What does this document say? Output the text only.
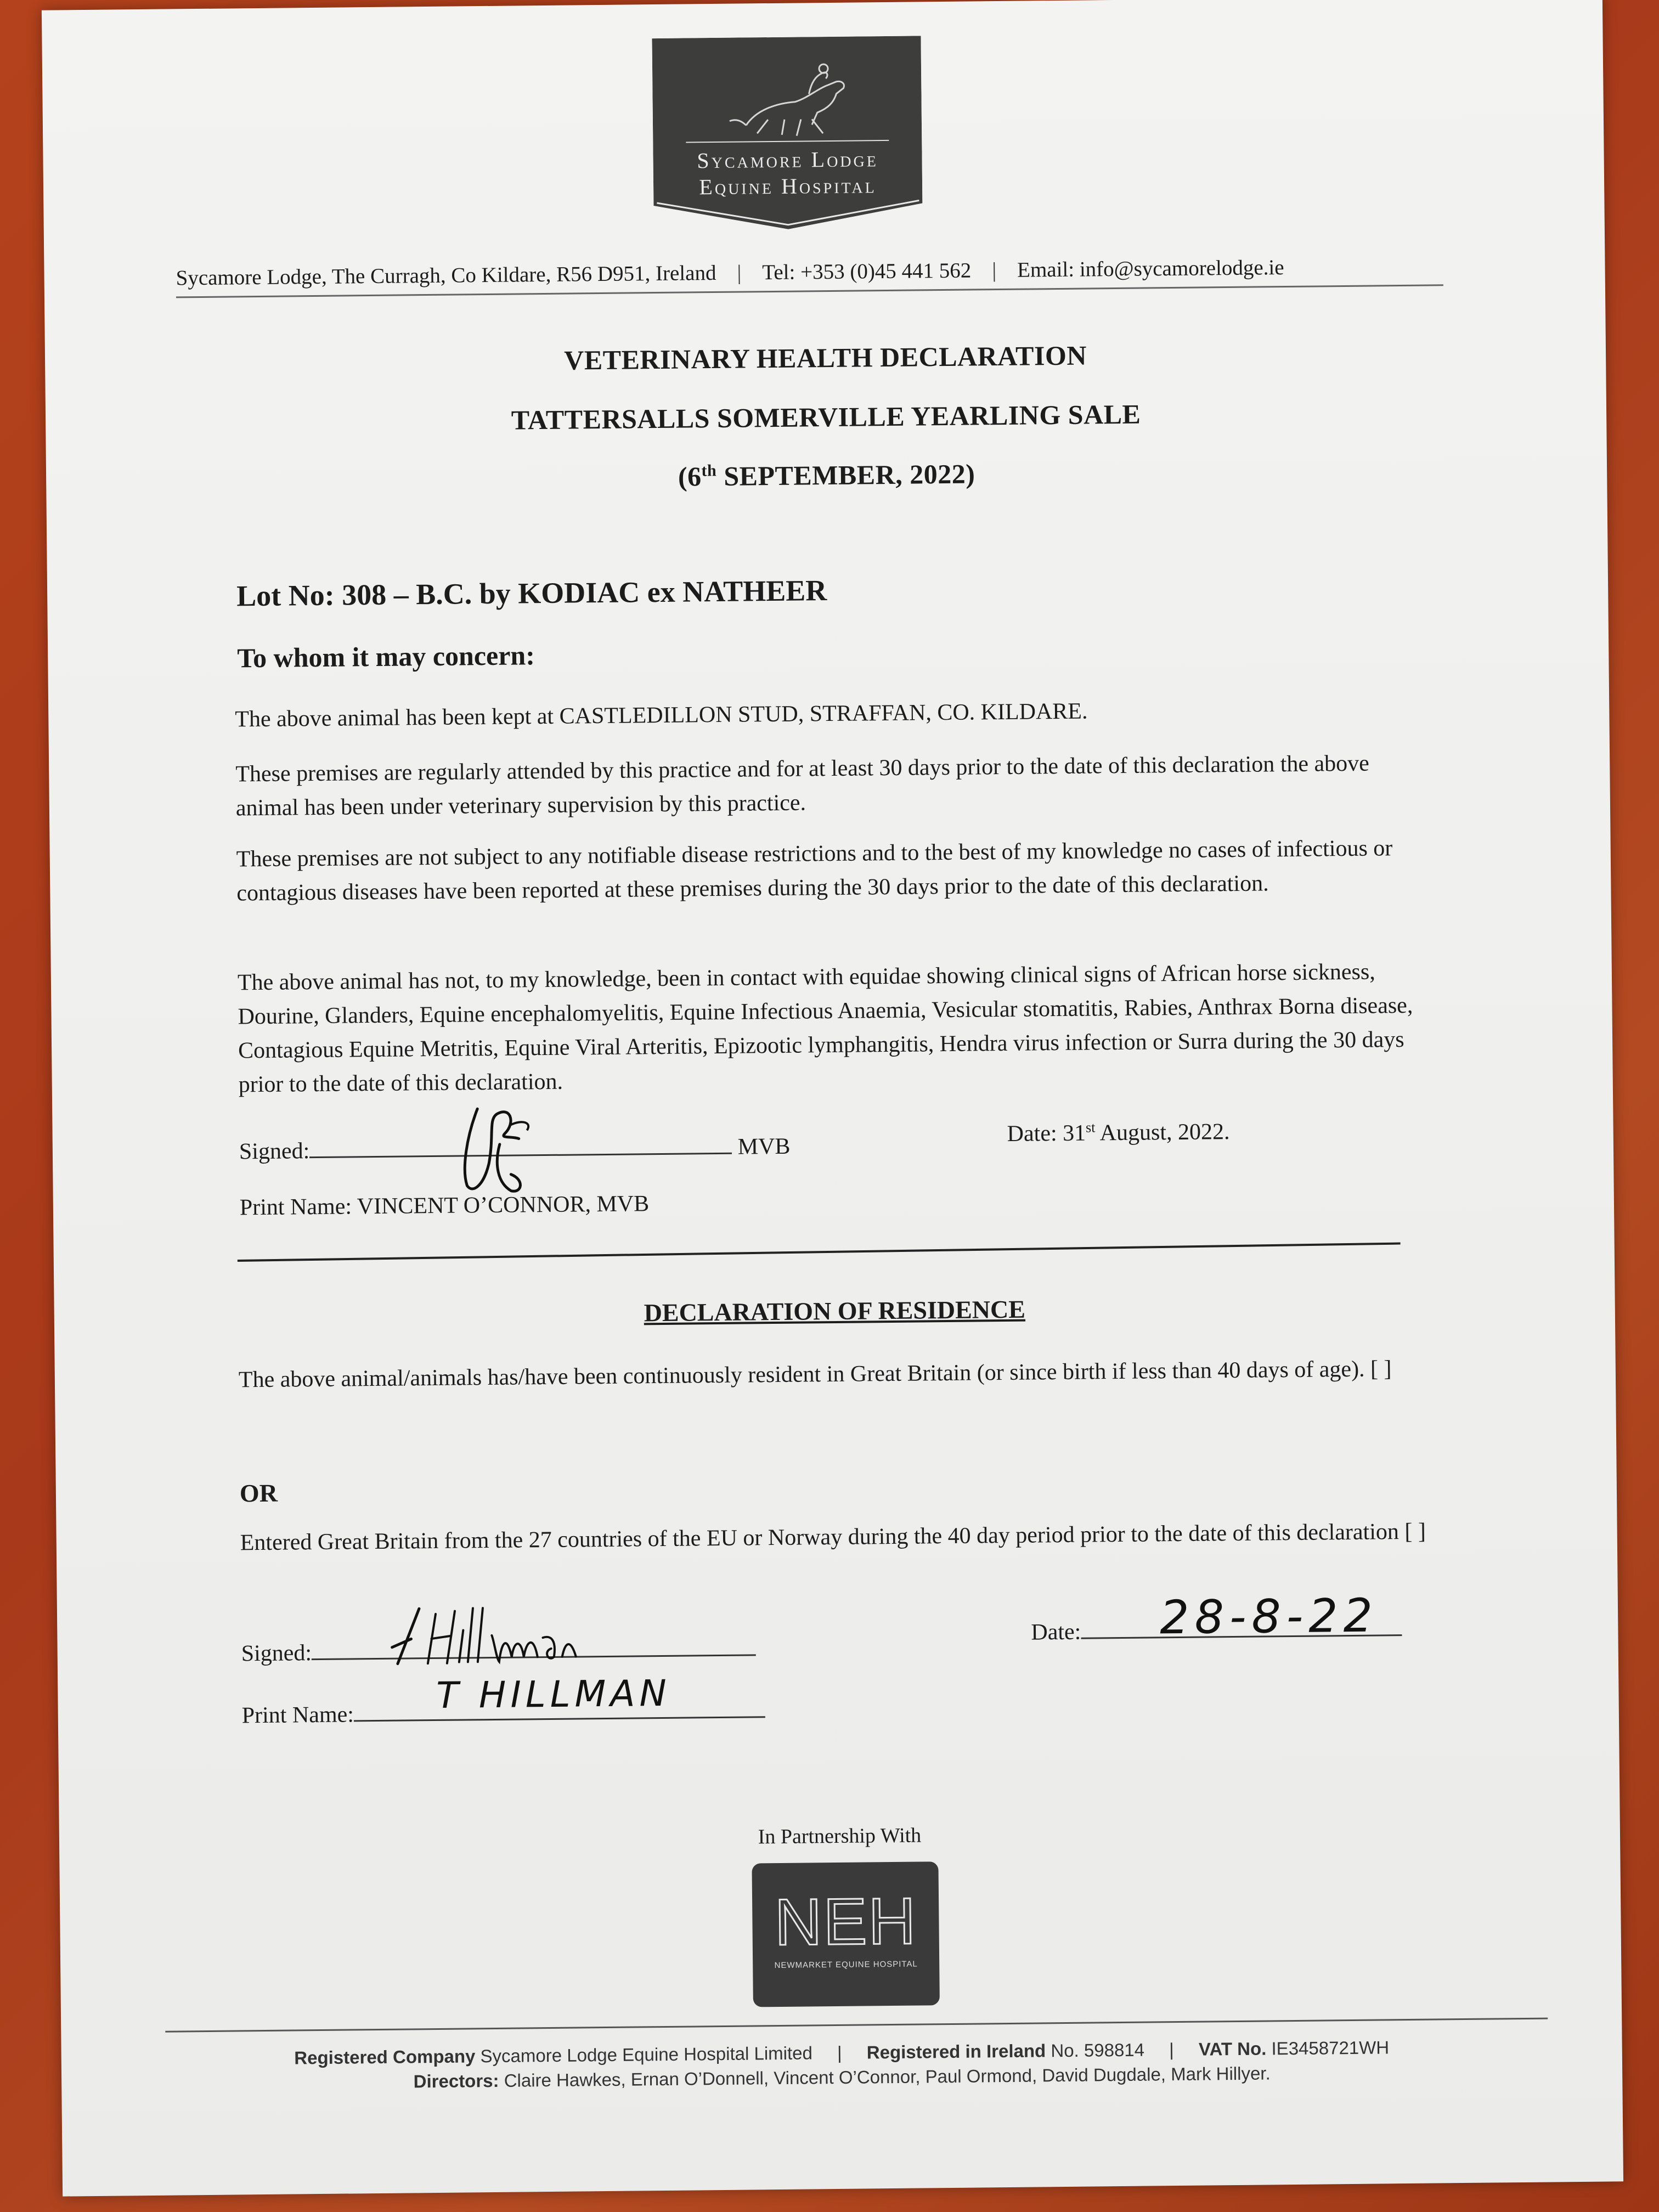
Sycamore Lodge
Equine Hospital
Sycamore Lodge, The Curragh, Co Kildare, R56 D951, Ireland | Tel: +353 (0)45 441 562 | Email: info@sycamorelodge.ie
VETERINARY HEALTH DECLARATION
TATTERSALLS SOMERVILLE YEARLING SALE
(6th SEPTEMBER, 2022)
Lot No: 308 – B.C. by KODIAC ex NATHEER
To whom it may concern:
The above animal has been kept at CASTLEDILLON STUD, STRAFFAN, CO. KILDARE.
These premises are regularly attended by this practice and for at least 30 days prior to the date of this declaration the above animal has been under veterinary supervision by this practice.
These premises are not subject to any notifiable disease restrictions and to the best of my knowledge no cases of infectious or contagious diseases have been reported at these premises during the 30 days prior to the date of this declaration.
The above animal has not, to my knowledge, been in contact with equidae showing clinical signs of African horse sickness, Dourine, Glanders, Equine encephalomyelitis, Equine Infectious Anaemia, Vesicular stomatitis, Rabies, Anthrax Borna disease, Contagious Equine Metritis, Equine Viral Arteritis, Epizootic lymphangitis, Hendra virus infection or Surra during the 30 days prior to the date of this declaration.
Signed:	MVB
Date: 31st August, 2022.
Print Name: VINCENT O’CONNOR, MVB
DECLARATION OF RESIDENCE
The above animal/animals has/have been continuously resident in Great Britain (or since birth if less than 40 days of age). [ ]
OR
Entered Great Britain from the 27 countries of the EU or Norway during the 40 day period prior to the date of this declaration [ ]
Signed:
Date:	28-8-22
Print Name:	T HILLMAN
In Partnership With
NEH
NEWMARKET EQUINE HOSPITAL
Registered Company Sycamore Lodge Equine Hospital Limited | Registered in Ireland No. 598814 | VAT No. IE3458721WH
Directors: Claire Hawkes, Ernan O’Donnell, Vincent O’Connor, Paul Ormond, David Dugdale, Mark Hillyer.
